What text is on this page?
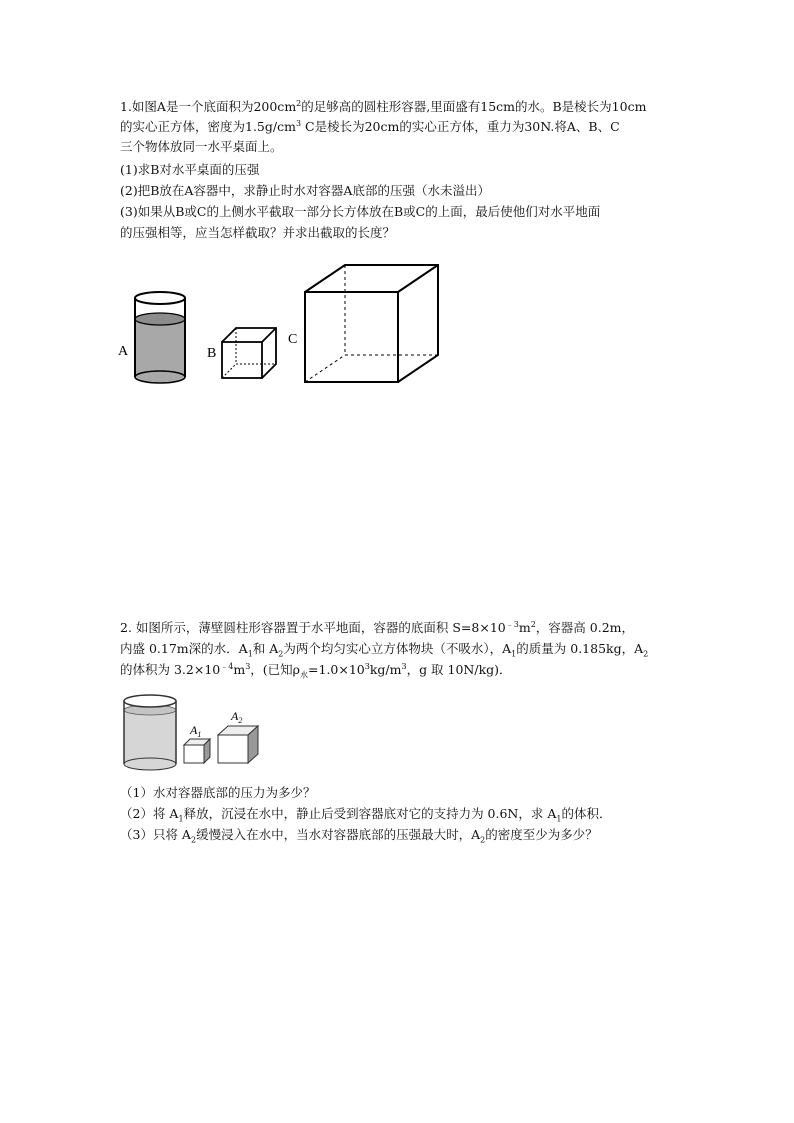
1.如图A是一个底面积为$200cm^2$的足够高的圆柱形容器,里面盛有15cm的水。B是棱长为10cm
的实心正方体，密度为$1.5g/cm^3$ C是棱长为20cm的实心正方体，重力为30N.将A、B、C
三个物体放同一水平桌面上。
(1)求B对水平桌面的压强
(2)把B放在A容器中，求静止时水对容器A底部的压强（水未溢出）
(3)如果从B或C的上侧水平截取一部分长方体放在B或C的上面，最后使他们对水平地面
的压强相等，应当怎样截取？并求出截取的长度？
A	B
C
2. 如图所示，薄壁圆柱形容器置于水平地面，容器的底面积 $S=8\times 10^{﹣3}m^2$，容器高 0.2m，
内盛 0.17m深的水．$A_1$和 $A_2$为两个均匀实心立方体物块（不吸水），$A_1$的质量为 0.185kg，$A_2$
的体积为 $3.2\times 10^{﹣4}m^3$，(已知$\rho_水=1.0\times 10^3kg/m^3$，g 取 10N/kg)．
$A_1$
$A_2$
（1）水对容器底部的压力为多少？
（2）将 $A_1$释放，沉浸在水中，静止后受到容器底对它的支持力为 0.6N，求 $A_1$的体积．
（3）只将 $A_2$缓慢浸入在水中，当水对容器底部的压强最大时，$A_2$的密度至少为多少？
